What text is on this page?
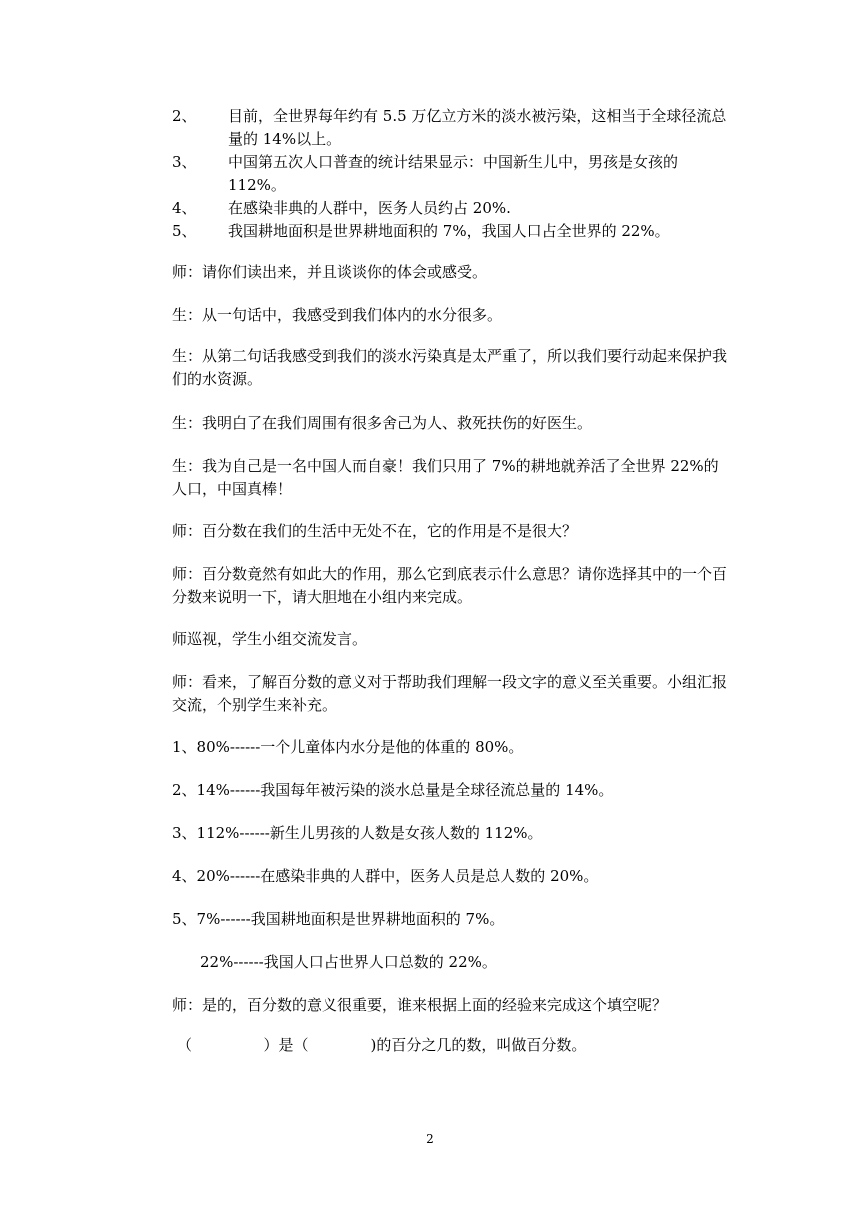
2、	目前，全世界每年约有 5.5 万亿立方米的淡水被污染，这相当于全球径流总量的 14%以上。
3、	中国第五次人口普查的统计结果显示：中国新生儿中，男孩是女孩的 112%。
4、	在感染非典的人群中，医务人员约占 20%.
5、	我国耕地面积是世界耕地面积的 7%，我国人口占全世界的 22%。
师：请你们读出来，并且谈谈你的体会或感受。
生：从一句话中，我感受到我们体内的水分很多。
生：从第二句话我感受到我们的淡水污染真是太严重了，所以我们要行动起来保护我们的水资源。
生：我明白了在我们周围有很多舍己为人、救死扶伤的好医生。
生：我为自己是一名中国人而自豪！我们只用了 7%的耕地就养活了全世界 22%的人口，中国真棒！
师：百分数在我们的生活中无处不在，它的作用是不是很大？
师：百分数竟然有如此大的作用，那么它到底表示什么意思？请你选择其中的一个百分数来说明一下，请大胆地在小组内来完成。
师巡视，学生小组交流发言。
师：看来，了解百分数的意义对于帮助我们理解一段文字的意义至关重要。小组汇报交流，个别学生来补充。
1、80%------一个儿童体内水分是他的体重的 80%。
2、14%------我国每年被污染的淡水总量是全球径流总量的 14%。
3、112%------新生儿男孩的人数是女孩人数的 112%。
4、20%------在感染非典的人群中，医务人员是总人数的 20%。
5、7%------我国耕地面积是世界耕地面积的 7%。
22%------我国人口占世界人口总数的 22%。
师：是的，百分数的意义很重要，谁来根据上面的经验来完成这个填空呢？
（               ）是（             )的百分之几的数，叫做百分数。
2
